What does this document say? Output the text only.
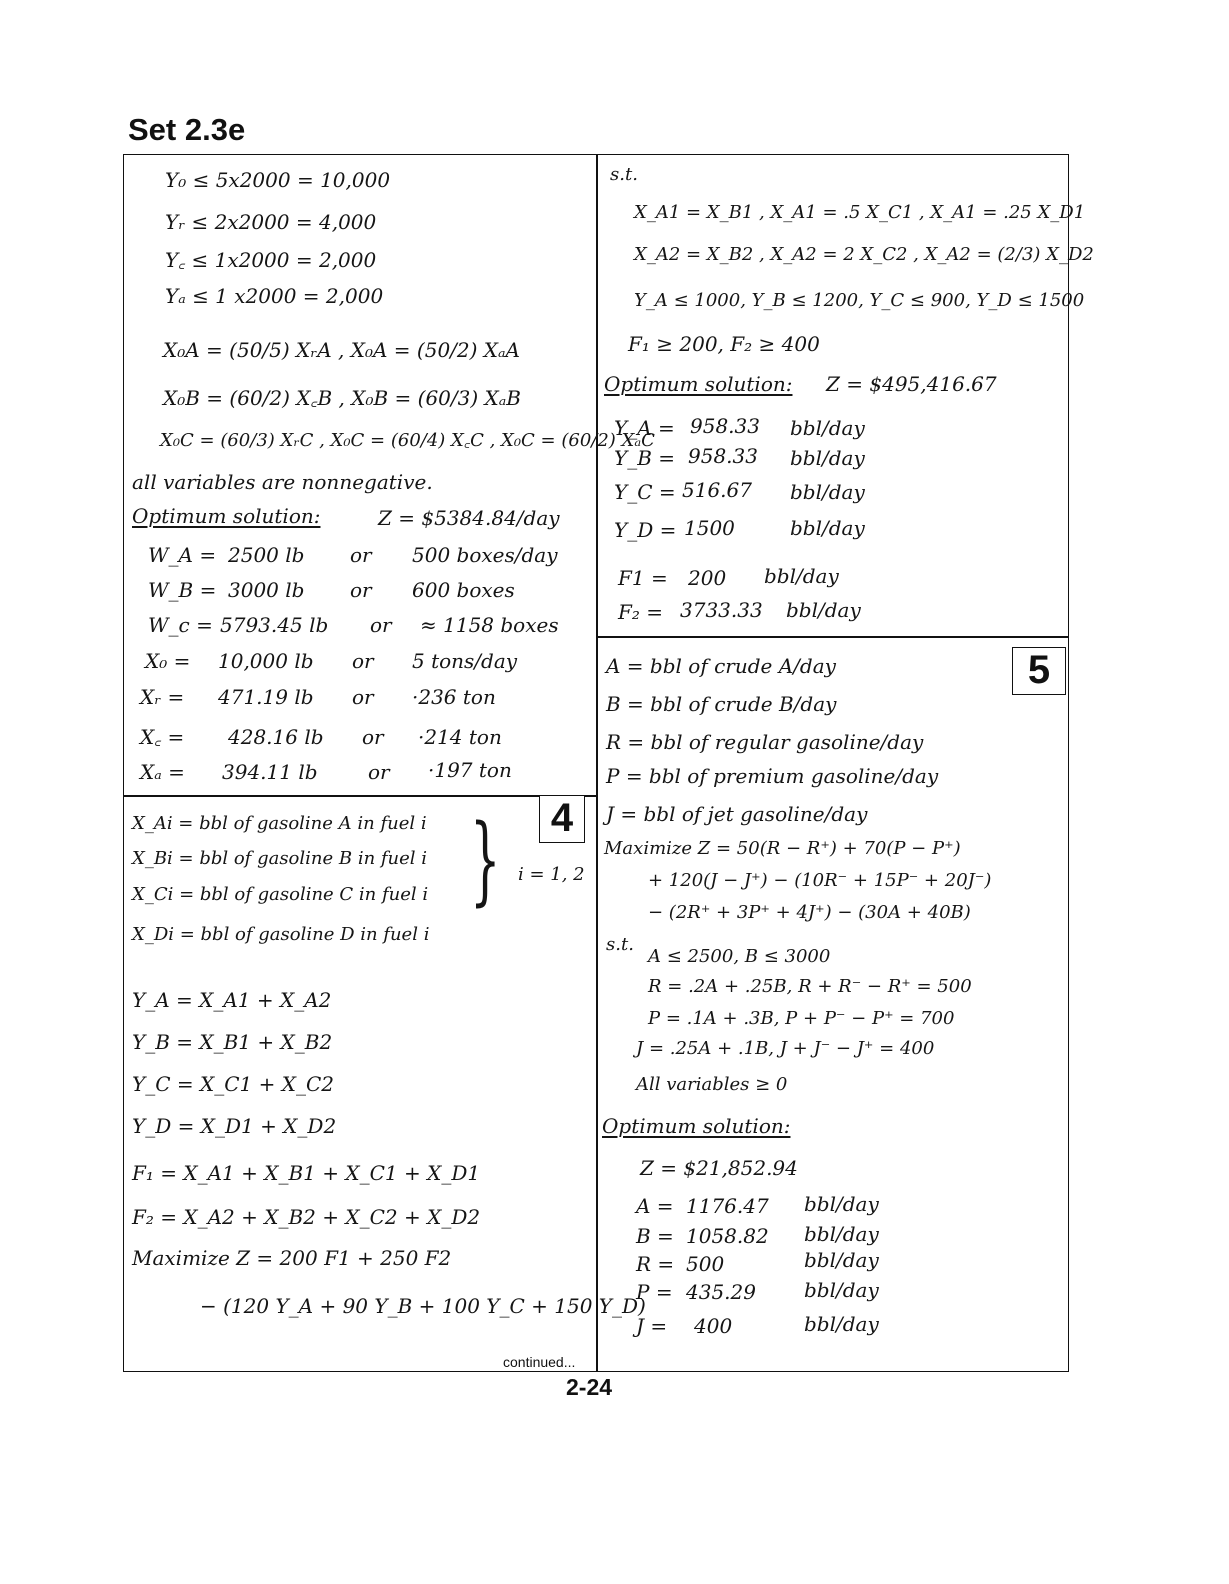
Set 2.3e
4
5
Y₀ ≤ 5x2000 = 10,000
Yᵣ ≤ 2x2000 = 4,000
Y꜀ ≤ 1x2000 = 2,000
Yₐ ≤ 1 x2000 = 2,000
X₀A = (50/5) XᵣA , X₀A = (50/2) XₐA
X₀B = (60/2) X꜀B , X₀B = (60/3) XₐB
X₀C = (60/3) XᵣC , X₀C = (60/4) X꜀C , X₀C = (60/2) XₐC
all variables are nonnegative.
Optimum solution:	Z = $5384.84/day
W_A = 2500 lb or 500 boxes/day
W_B = 3000 lb or 600 boxes
W_c = 5793.45 lb or ≈ 1158 boxes
X₀ = 10,000 lb or 5 tons/day
Xᵣ = 471.19 lb or ·236 ton
X꜀ = 428.16 lb or ·214 ton
Xₐ = 394.11 lb	or ·197 ton
X_Ai = bbl of gasoline A in fuel i
X_Bi = bbl of gasoline B in fuel i
X_Ci = bbl of gasoline C in fuel i
X_Di = bbl of gasoline D in fuel i
} i = 1, 2
Y_A = X_A1 + X_A2
Y_B = X_B1 + X_B2
Y_C = X_C1 + X_C2
Y_D = X_D1 + X_D2
F₁ = X_A1 + X_B1 + X_C1 + X_D1
F₂ = X_A2 + X_B2 + X_C2 + X_D2
Maximize Z = 200 F1 + 250 F2
− (120 Y_A + 90 Y_B + 100 Y_C + 150 Y_D)
s.t.
X_A1 = X_B1 , X_A1 = .5 X_C1 , X_A1 = .25 X_D1
X_A2 = X_B2 , X_A2 = 2 X_C2 , X_A2 = (2/3) X_D2
Y_A ≤ 1000, Y_B ≤ 1200, Y_C ≤ 900, Y_D ≤ 1500
F₁ ≥ 200, F₂ ≥ 400
Optimum solution: Z = $495,416.67
Y_A = 958.33 bbl/day
Y_B = 958.33 bbl/day
Y_C = 516.67 bbl/day
Y_D = 1500	bbl/day
F1 = 200 bbl/day
F₂ = 3733.33 bbl/day
A = bbl of crude A/day
B = bbl of crude B/day
R = bbl of regular gasoline/day
P = bbl of premium gasoline/day
J = bbl of jet gasoline/day
Maximize Z = 50(R − R⁺) + 70(P − P⁺)
+ 120(J − J⁺) − (10R⁻ + 15P⁻ + 20J⁻)
− (2R⁺ + 3P⁺ + 4J⁺) − (30A + 40B)
s.t.
A ≤ 2500, B ≤ 3000
R = .2A + .25B, R + R⁻ − R⁺ = 500
P = .1A + .3B, P + P⁻ − P⁺ = 700
J = .25A + .1B, J + J⁻ − J⁺ = 400
All variables ≥ 0
Optimum solution:
Z = $21,852.94
A = 1176.47 bbl/day
B = 1058.82 bbl/day
R = 500	bbl/day
P = 435.29 bbl/day
J = 400	bbl/day
continued...
2-24
